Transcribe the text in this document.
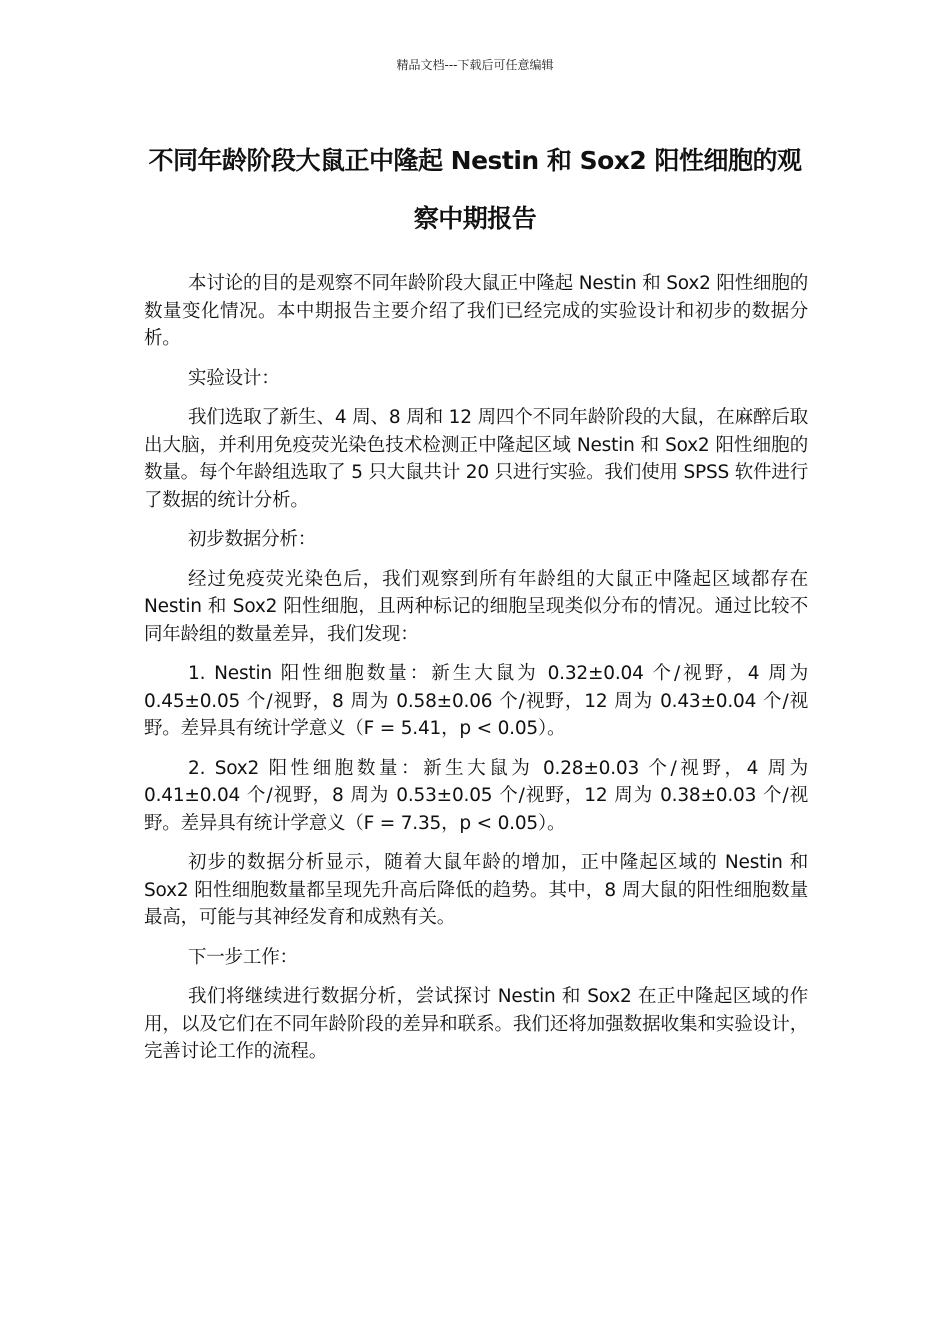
精品文档---下载后可任意编辑
不同年龄阶段大鼠正中隆起 Nestin 和 Sox2 阳性细胞的观察中期报告

本讨论的目的是观察不同年龄阶段大鼠正中隆起 Nestin 和 Sox2 阳性细胞的数量变化情况。本中期报告主要介绍了我们已经完成的实验设计和初步的数据分析。

实验设计：

我们选取了新生、4 周、8 周和 12 周四个不同年龄阶段的大鼠，在麻醉后取出大脑，并利用免疫荧光染色技术检测正中隆起区域 Nestin 和 Sox2 阳性细胞的数量。每个年龄组选取了 5 只大鼠共计 20 只进行实验。我们使用 SPSS 软件进行了数据的统计分析。

初步数据分析：

经过免疫荧光染色后，我们观察到所有年龄组的大鼠正中隆起区域都存在 Nestin 和 Sox2 阳性细胞，且两种标记的细胞呈现类似分布的情况。通过比较不同年龄组的数量差异，我们发现：

1. Nestin 阳性细胞数量：新生大鼠为 0.32±0.04 个/视野，4 周为 0.45±0.05 个/视野，8 周为 0.58±0.06 个/视野，12 周为 0.43±0.04 个/视野。差异具有统计学意义（F = 5.41，p < 0.05）。

2. Sox2 阳性细胞数量：新生大鼠为 0.28±0.03 个/视野，4 周为 0.41±0.04 个/视野，8 周为 0.53±0.05 个/视野，12 周为 0.38±0.03 个/视野。差异具有统计学意义（F = 7.35，p < 0.05）。

初步的数据分析显示，随着大鼠年龄的增加，正中隆起区域的 Nestin 和 Sox2 阳性细胞数量都呈现先升高后降低的趋势。其中，8 周大鼠的阳性细胞数量最高，可能与其神经发育和成熟有关。

下一步工作：

我们将继续进行数据分析，尝试探讨 Nestin 和 Sox2 在正中隆起区域的作用，以及它们在不同年龄阶段的差异和联系。我们还将加强数据收集和实验设计，完善讨论工作的流程。
